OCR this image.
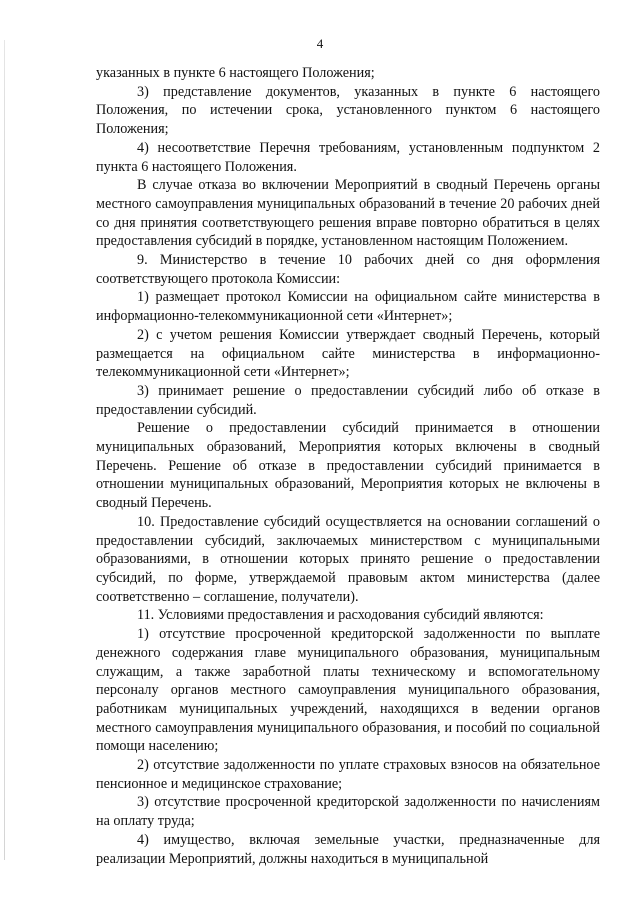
4

указанных в пункте 6 настоящего Положения;

3) представление документов, указанных в пункте 6 настоящего Положения, по истечении срока, установленного пунктом 6 настоящего Положения;

4) несоответствие Перечня требованиям, установленным подпунктом 2 пункта 6 настоящего Положения.

В случае отказа во включении Мероприятий в сводный Перечень органы местного самоуправления муниципальных образований в течение 20 рабочих дней со дня принятия соответствующего решения вправе повторно обратиться в целях предоставления субсидий в порядке, установленном настоящим Положением.

9. Министерство в течение 10 рабочих дней со дня оформления соответствующего протокола Комиссии:

1) размещает протокол Комиссии на официальном сайте министерства в информационно-телекоммуникационной сети «Интернет»;

2) с учетом решения Комиссии утверждает сводный Перечень, который размещается на официальном сайте министерства в информационно-телекоммуникационной сети «Интернет»;

3) принимает решение о предоставлении субсидий либо об отказе в предоставлении субсидий.

Решение о предоставлении субсидий принимается в отношении муниципальных образований, Мероприятия которых включены в сводный Перечень. Решение об отказе в предоставлении субсидий принимается в отношении муниципальных образований, Мероприятия которых не включены в сводный Перечень.

10. Предоставление субсидий осуществляется на основании соглашений о предоставлении субсидий, заключаемых министерством с муниципальными образованиями, в отношении которых принято решение о предоставлении субсидий, по форме, утверждаемой правовым актом министерства (далее соответственно – соглашение, получатели).

11. Условиями предоставления и расходования субсидий являются:

1) отсутствие просроченной кредиторской задолженности по выплате денежного содержания главе муниципального образования, муниципальным служащим, а также заработной платы техническому и вспомогательному персоналу органов местного самоуправления муниципального образования, работникам муниципальных учреждений, находящихся в ведении органов местного самоуправления муниципального образования, и пособий по социальной помощи населению;

2) отсутствие задолженности по уплате страховых взносов на обязательное пенсионное и медицинское страхование;

3) отсутствие просроченной кредиторской задолженности по начислениям на оплату труда;

4) имущество, включая земельные участки, предназначенные для реализации Мероприятий, должны находиться в муниципальной
